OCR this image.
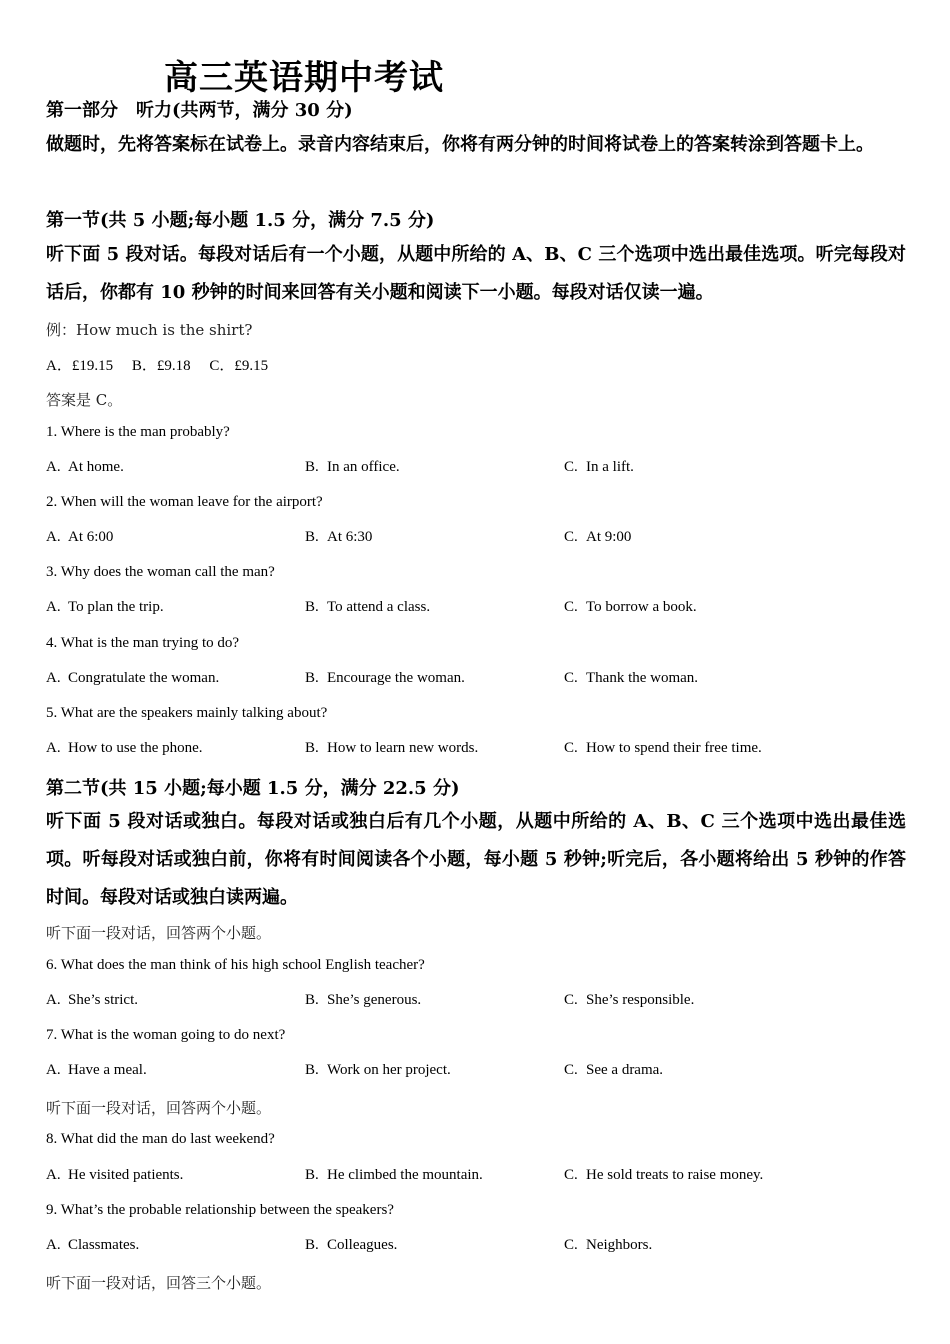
高三英语期中考试
第一部分　听力(共两节，满分 30 分)
做题时，先将答案标在试卷上。录音内容结束后，你将有两分钟的时间将试卷上的答案转涂到答题卡上。
第一节(共 5 小题;每小题 1.5 分，满分 7.5 分)
听下面 5 段对话。每段对话后有一个小题，从题中所给的 A、B、C 三个选项中选出最佳选项。听完每段对话后，你都有 10 秒钟的时间来回答有关小题和阅读下一小题。每段对话仅读一遍。
例：How much is the shirt?
A．£19.15　 B．£9.18　 C．£9.15
答案是 C。
1. Where is the man probably?
A. At home.	B. In an office.	C. In a lift.
2. When will the woman leave for the airport?
A. At 6:00	B. At 6:30	C. At 9:00
3. Why does the woman call the man?
A. To plan the trip.	B. To attend a class.	C. To borrow a book.
4. What is the man trying to do?
A. Congratulate the woman.	B. Encourage the woman.	C. Thank the woman.
5. What are the speakers mainly talking about?
A. How to use the phone.	B. How to learn new words.	C. How to spend their free time.
第二节(共 15 小题;每小题 1.5 分，满分 22.5 分)
听下面 5 段对话或独白。每段对话或独白后有几个小题，从题中所给的 A、B、C 三个选项中选出最佳选项。听每段对话或独白前，你将有时间阅读各个小题，每小题 5 秒钟;听完后，各小题将给出 5 秒钟的作答时间。每段对话或独白读两遍。
听下面一段对话，回答两个小题。
6. What does the man think of his high school English teacher?
A. She’s strict.	B. She’s generous.	C. She’s responsible.
7. What is the woman going to do next?
A. Have a meal.	B. Work on her project.	C. See a drama.
听下面一段对话，回答两个小题。
8. What did the man do last weekend?
A. He visited patients.	B. He climbed the mountain.	C. He sold treats to raise money.
9. What’s the probable relationship between the speakers?
A. Classmates.	B. Colleagues.	C. Neighbors.
听下面一段对话，回答三个小题。
